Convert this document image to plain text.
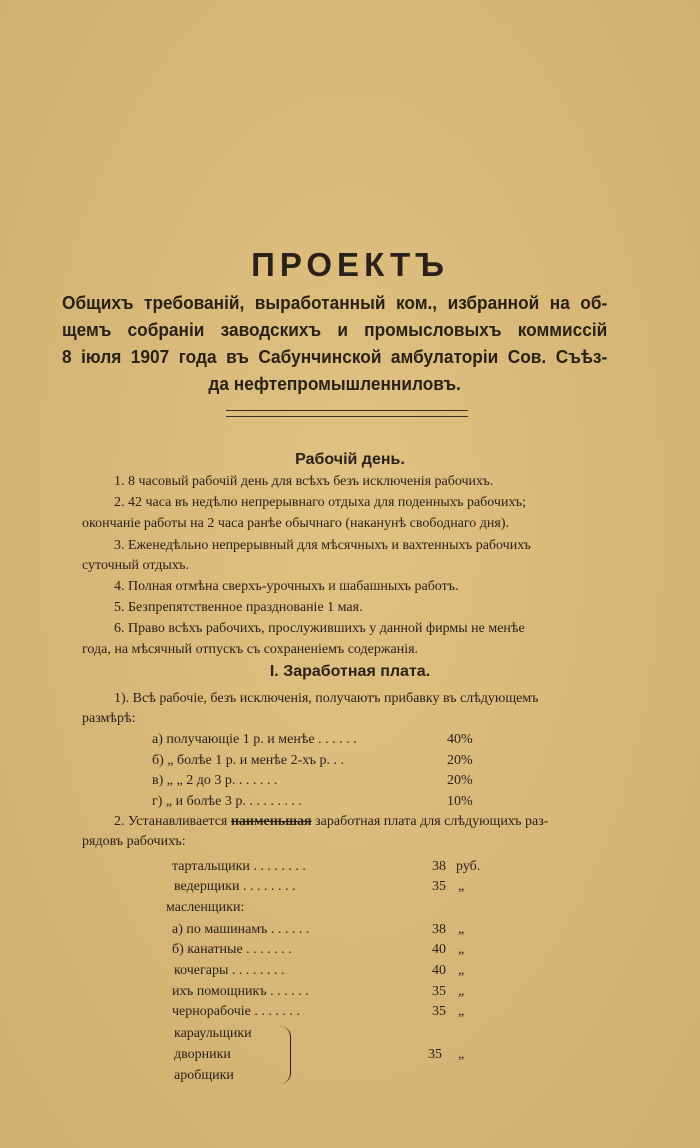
ПРОЕКТЪ
Общихъ требованiй, выработанный ком., избранной на об-
щемъ собранiи заводскихъ и промысловыхъ коммиссiй
8 iюля 1907 года въ Сабунчинской амбулаторiи Сов. Съѣз-
да нефтепромышленниловъ.
Рабочiй день.
1. 8 часовый рабочiй день для всѣхъ безъ исключенiя рабочихъ.
2. 42 часа въ недѣлю непрерывнаго отдыха для поденныхъ рабочихъ;
окончанiе работы на 2 часа ранѣе обычнаго (наканунѣ свободнаго дня).
3. Еженедѣльно непрерывный для мѣсячныхъ и вахтенныхъ рабочихъ
суточный отдыхъ.
4. Полная отмѣна сверхъ-урочныхъ и шабашныхъ работъ.
5. Безпрепятственное празднованiе 1 мая.
6. Право всѣхъ рабочихъ, прослужившихъ у данной фирмы не менѣе
года, на мѣсячный отпускъ съ сохраненiемъ содержанiя.
I. Заработная плата.
1). Всѣ рабочiе, безъ исключенiя, получаютъ прибавку въ слѣдующемъ
размѣрѣ:
а) получающiе 1 р. и менѣе . . . . . .	40%
б) „ болѣе 1 р. и менѣе 2-хъ р. . .	20%
в) „ „ 2 до 3 р. . . . . . .	20%
г) „ и болѣе 3 р. . . . . . . . .	10%
2. Устанавливается наименьшая заработная плата для слѣдующихъ раз-
рядовъ рабочихъ:
тартальщики . . . . . . . .	38 руб.
ведерщики . . . . . . . .	35 „
масленщики:
а) по машинамъ . . . . . .	38 „
б) канатные . . . . . . .	40 „
кочегары . . . . . . . .	40 „
ихъ помощникъ . . . . . .	35 „
чернорабочiе . . . . . . .	35 „
караульщики
дворники
аробщики
35 „
